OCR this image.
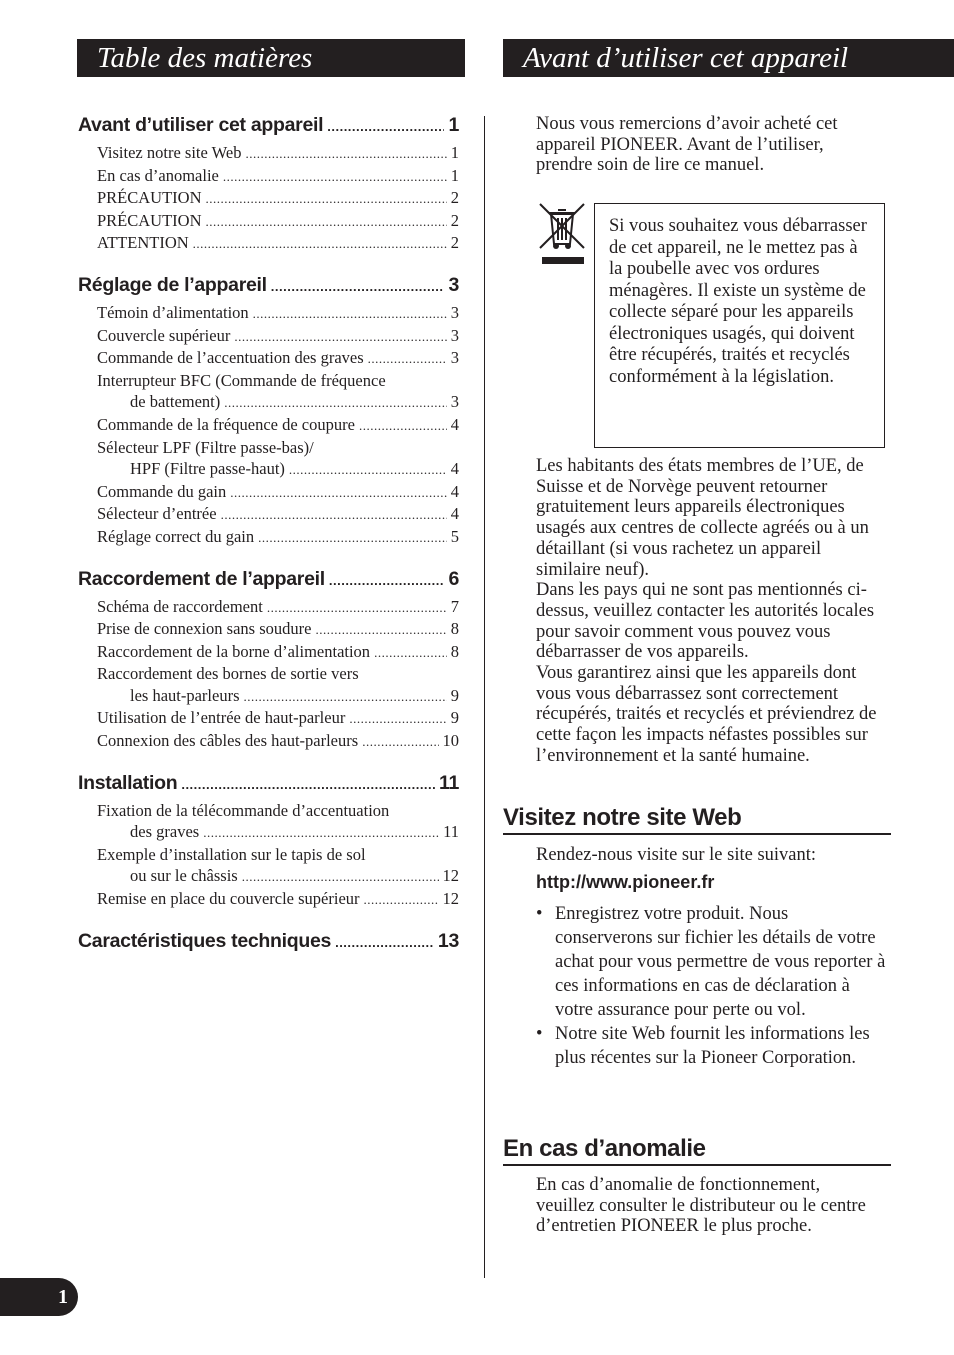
Table des matières	Avant d’utiliser cet appareil
Avant d’utiliser cet appareil .....	1
Visitez notre site Web .....	1
En cas d’anomalie .....	1
PRÉCAUTION .....	2
PRÉCAUTION .....	2
ATTENTION .....	2
Réglage de l’appareil .....	3
Témoin d’alimentation .....	3
Couvercle supérieur .....	3
Commande de l’accentuation des graves .....	3
Interrupteur BFC (Commande de fréquence
de battement) .....	3
Commande de la fréquence de coupure .....	4
Sélecteur LPF (Filtre passe-bas)/
HPF (Filtre passe-haut) .....	4
Commande du gain .....	4
Sélecteur d’entrée .....	4
Réglage correct du gain .....	5
Raccordement de l’appareil .....	6
Schéma de raccordement .....	7
Prise de connexion sans soudure .....	8
Raccordement de la borne d’alimentation .....	8
Raccordement des bornes de sortie vers
les haut-parleurs .....	9
Utilisation de l’entrée de haut-parleur .....	9
Connexion des câbles des haut-parleurs .....	10
Installation .....	11
Fixation de la télécommande d’accentuation
des graves .....	11
Exemple d’installation sur le tapis de sol
ou sur le châssis .....	12
Remise en place du couvercle supérieur .....	12
Caractéristiques techniques .....	13

Nous vous remercions d’avoir acheté cet appareil PIONEER. Avant de l’utiliser, prendre soin de lire ce manuel.

Si vous souhaitez vous débarrasser de cet appareil, ne le mettez pas à la poubelle avec vos ordures ménagères. Il existe un système de collecte séparé pour les appareils électroniques usagés, qui doivent être récupérés, traités et recyclés conformément à la législation.
Les habitants des états membres de l’UE, de Suisse et de Norvège peuvent retourner gratuitement leurs appareils électroniques usagés aux centres de collecte agréés ou à un détaillant (si vous rachetez un appareil similaire neuf).
Dans les pays qui ne sont pas mentionnés ci-dessus, veuillez contacter les autorités locales pour savoir comment vous pouvez vous débarrasser de vos appareils.
Vous garantirez ainsi que les appareils dont vous vous débarrassez sont correctement récupérés, traités et recyclés et préviendrez de cette façon les impacts néfastes possibles sur l’environnement et la santé humaine.
Visitez notre site Web

Rendez-nous visite sur le site suivant:

http://www.pioneer.fr
• Enregistrez votre produit. Nous conserverons sur fichier les détails de votre achat pour vous permettre de vous reporter à ces informations en cas de déclaration à votre assurance pour perte ou vol.
• Notre site Web fournit les informations les plus récentes sur la Pioneer Corporation.
En cas d’anomalie

En cas d’anomalie de fonctionnement, veuillez consulter le distributeur ou le centre d’entretien PIONEER le plus proche.

1
